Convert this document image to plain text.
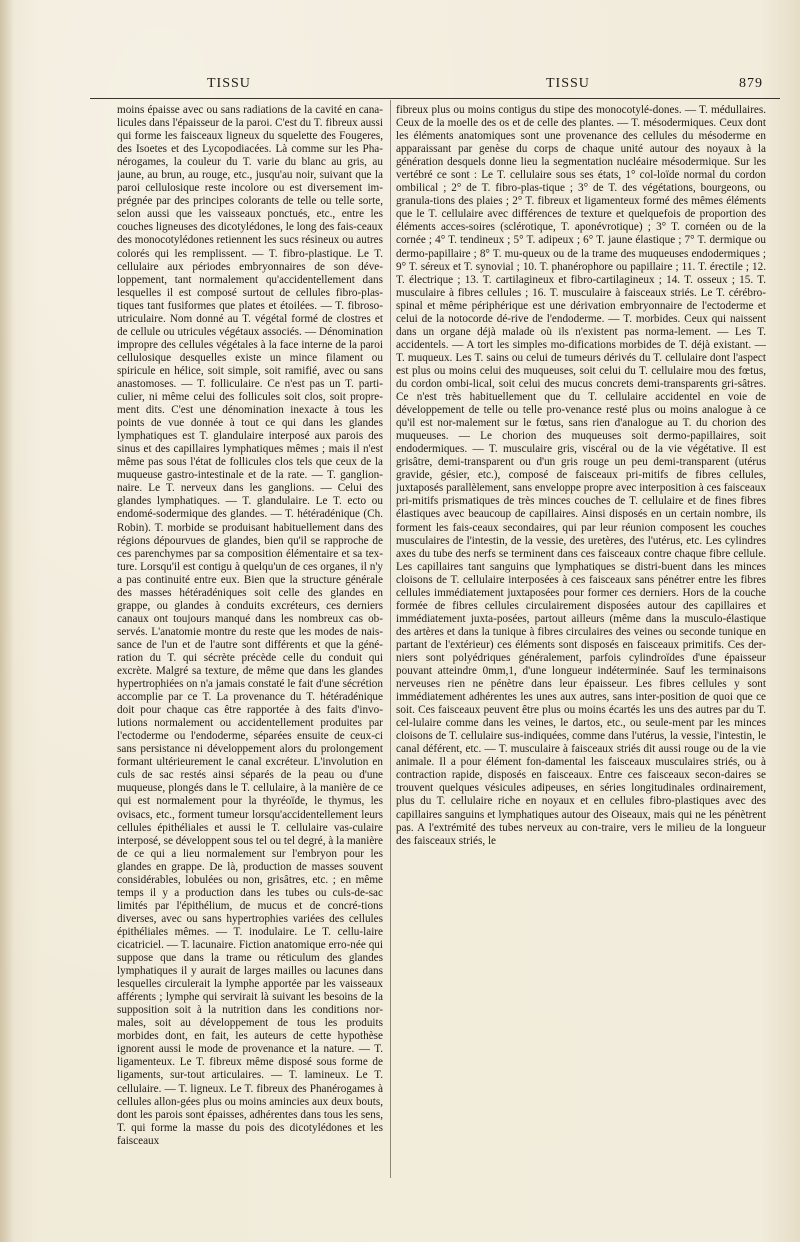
TISSU	TISSU	879

moins épaisse avec ou sans radiations de la cavité en cana-licules dans l'épaisseur de la paroi. C'est du T. fibreux aussi qui forme les faisceaux ligneux du squelette des Fougeres, des Isoetes et des Lycopodiacées. Là comme sur les Pha-nérogames, la couleur du T. varie du blanc au gris, au jaune, au brun, au rouge, etc., jusqu'au noir, suivant que la paroi cellulosique reste incolore ou est diversement im-prégnée par des principes colorants de telle ou telle sorte, selon aussi que les vaisseaux ponctués, etc., entre les couches ligneuses des dicotylédones, le long des fais-ceaux des monocotylédones retiennent les sucs résineux ou autres colorés qui les remplissent. — T. fibro-plastique. Le T. cellulaire aux périodes embryonnaires de son déve-loppement, tant normalement qu'accidentellement dans lesquelles il est composé surtout de cellules fibro-plas-tiques tant fusiformes que plates et étoilées. — T. fibroso-utriculaire. Nom donné au T. végétal formé de clostres et de cellule ou utricules végétaux associés. — Dénomination impropre des cellules végétales à la face interne de la paroi cellulosique desquelles existe un mince filament ou spiricule en hélice, soit simple, soit ramifié, avec ou sans anastomoses. — T. folliculaire. Ce n'est pas un T. parti-culier, ni même celui des follicules soit clos, soit propre-ment dits. C'est une dénomination inexacte à tous les points de vue donnée à tout ce qui dans les glandes lymphatiques est T. glandulaire interposé aux parois des sinus et des capillaires lymphatiques mêmes ; mais il n'est même pas sous l'état de follicules clos tels que ceux de la muqueuse gastro-intestinale et de la rate. — T. ganglion-naire. Le T. nerveux dans les ganglions. — Celui des glandes lymphatiques. — T. glandulaire. Le T. ecto ou endomé-sodermique des glandes. — T. hétéradénique (Ch. Robin). T. morbide se produisant habituellement dans des régions dépourvues de glandes, bien qu'il se rapproche de ces parenchymes par sa composition élémentaire et sa tex-ture. Lorsqu'il est contigu à quelqu'un de ces organes, il n'y a pas continuité entre eux. Bien que la structure générale des masses hétéradéniques soit celle des glandes en grappe, ou glandes à conduits excréteurs, ces derniers canaux ont toujours manqué dans les nombreux cas ob-servés. L'anatomie montre du reste que les modes de nais-sance de l'un et de l'autre sont différents et que la géné-ration du T. qui sécrète précède celle du conduit qui excrète. Malgré sa texture, de même que dans les glandes hypertrophiées on n'a jamais constaté le fait d'une sécrétion accomplie par ce T. La provenance du T. hétéradénique doit pour chaque cas être rapportée à des faits d'invo-lutions normalement ou accidentellement produites par l'ectoderme ou l'endoderme, séparées ensuite de ceux-ci sans persistance ni développement alors du prolongement formant ultérieurement le canal excréteur. L'involution en culs de sac restés ainsi séparés de la peau ou d'une muqueuse, plongés dans le T. cellulaire, à la manière de ce qui est normalement pour la thyréoïde, le thymus, les ovisacs, etc., forment tumeur lorsqu'accidentellement leurs cellules épithéliales et aussi le T. cellulaire vas-culaire interposé, se développent sous tel ou tel degré, à la manière de ce qui a lieu normalement sur l'embryon pour les glandes en grappe. De là, production de masses souvent considérables, lobulées ou non, grisâtres, etc. ; en même temps il y a production dans les tubes ou culs-de-sac limités par l'épithélium, de mucus et de concré-tions diverses, avec ou sans hypertrophies variées des cellules épithéliales mêmes. — T. inodulaire. Le T. cellu-laire cicatriciel. — T. lacunaire. Fiction anatomique erro-née qui suppose que dans la trame ou réticulum des glandes lymphatiques il y aurait de larges mailles ou lacunes dans lesquelles circulerait la lymphe apportée par les vaisseaux afférents ; lymphe qui servirait là suivant les besoins de la supposition soit à la nutrition dans les conditions nor-males, soit au développement de tous les produits morbides dont, en fait, les auteurs de cette hypothèse ignorent aussi le mode de provenance et la nature. — T. ligamenteux. Le T. fibreux même disposé sous forme de ligaments, sur-tout articulaires. — T. lamineux. Le T. cellulaire. — T. ligneux. Le T. fibreux des Phanérogames à cellules allon-gées plus ou moins amincies aux deux bouts, dont les parois sont épaisses, adhérentes dans tous les sens, T. qui forme la masse du pois des dicotylédones et les faisceaux

fibreux plus ou moins contigus du stipe des monocotylé-dones. — T. médullaires. Ceux de la moelle des os et de celle des plantes. — T. mésodermiques. Ceux dont les éléments anatomiques sont une provenance des cellules du mésoderme en apparaissant par genèse du corps de chaque unité autour des noyaux à la génération desquels donne lieu la segmentation nucléaire mésodermique. Sur les vertébré ce sont : Le T. cellulaire sous ses états, 1° col-loïde normal du cordon ombilical ; 2° de T. fibro-plas-tique ; 3° de T. des végétations, bourgeons, ou granula-tions des plaies ; 2° T. fibreux et ligamenteux formé des mêmes éléments que le T. cellulaire avec différences de texture et quelquefois de proportion des éléments acces-soires (sclérotique, T. aponévrotique) ; 3° T. cornéen ou de la cornée ; 4° T. tendineux ; 5° T. adipeux ; 6° T. jaune élastique ; 7° T. dermique ou dermo-papillaire ; 8° T. mu-queux ou de la trame des muqueuses endodermiques ; 9° T. séreux et T. synovial ; 10. T. phanérophore ou papillaire ; 11. T. érectile ; 12. T. électrique ; 13. T. cartilagineux et fibro-cartilagineux ; 14. T. osseux ; 15. T. musculaire à fibres cellules ; 16. T. musculaire à faisceaux striés. Le T. cérébro-spinal et même périphérique est une dérivation embryonnaire de l'ectoderme et celui de la notocorde dé-rive de l'endoderme. — T. morbides. Ceux qui naissent dans un organe déjà malade où ils n'existent pas norma-lement. — Les T. accidentels. — A tort les simples mo-difications morbides de T. déjà existant. — T. muqueux. Les T. sains ou celui de tumeurs dérivés du T. cellulaire dont l'aspect est plus ou moins celui des muqueuses, soit celui du T. cellulaire mou des fœtus, du cordon ombi-lical, soit celui des mucus concrets demi-transparents gri-sâtres. Ce n'est très habituellement que du T. cellulaire accidentel en voie de développement de telle ou telle pro-venance resté plus ou moins analogue à ce qu'il est nor-malement sur le fœtus, sans rien d'analogue au T. du chorion des muqueuses. — Le chorion des muqueuses soit dermo-papillaires, soit endodermiques. — T. musculaire gris, viscéral ou de la vie végétative. Il est grisâtre, demi-transparent ou d'un gris rouge un peu demi-transparent (utérus gravide, gésier, etc.), composé de faisceaux pri-mitifs de fibres cellules, juxtaposés parallèlement, sans enveloppe propre avec interposition à ces faisceaux pri-mitifs prismatiques de très minces couches de T. cellulaire et de fines fibres élastiques avec beaucoup de capillaires. Ainsi disposés en un certain nombre, ils forment les fais-ceaux secondaires, qui par leur réunion composent les couches musculaires de l'intestin, de la vessie, des uretères, des l'utérus, etc. Les cylindres axes du tube des nerfs se terminent dans ces faisceaux contre chaque fibre cellule. Les capillaires tant sanguins que lymphatiques se distri-buent dans les minces cloisons de T. cellulaire interposées à ces faisceaux sans pénétrer entre les fibres cellules immédiatement juxtaposées pour former ces derniers. Hors de la couche formée de fibres cellules circulairement disposées autour des capillaires et immédiatement juxta-posées, partout ailleurs (même dans la musculo-élastique des artères et dans la tunique à fibres circulaires des veines ou seconde tunique en partant de l'extérieur) ces éléments sont disposés en faisceaux primitifs. Ces der-niers sont polyédriques généralement, parfois cylindroïdes d'une épaisseur pouvant atteindre 0mm,1, d'une longueur indéterminée. Sauf les terminaisons nerveuses rien ne pénètre dans leur épaisseur. Les fibres cellules y sont immédiatement adhérentes les unes aux autres, sans inter-position de quoi que ce soit. Ces faisceaux peuvent être plus ou moins écartés les uns des autres par du T. cel-lulaire comme dans les veines, le dartos, etc., ou seule-ment par les minces cloisons de T. cellulaire sus-indiquées, comme dans l'utérus, la vessie, l'intestin, le canal déférent, etc. — T. musculaire à faisceaux striés dit aussi rouge ou de la vie animale. Il a pour élément fon-damental les faisceaux musculaires striés, ou à contraction rapide, disposés en faisceaux. Entre ces faisceaux secon-daires se trouvent quelques vésicules adipeuses, en séries longitudinales ordinairement, plus du T. cellulaire riche en noyaux et en cellules fibro-plastiques avec des capillaires sanguins et lymphatiques autour des Oiseaux, mais qui ne les pénètrent pas. A l'extrémité des tubes nerveux au con-traire, vers le milieu de la longueur des faisceaux striés, le
